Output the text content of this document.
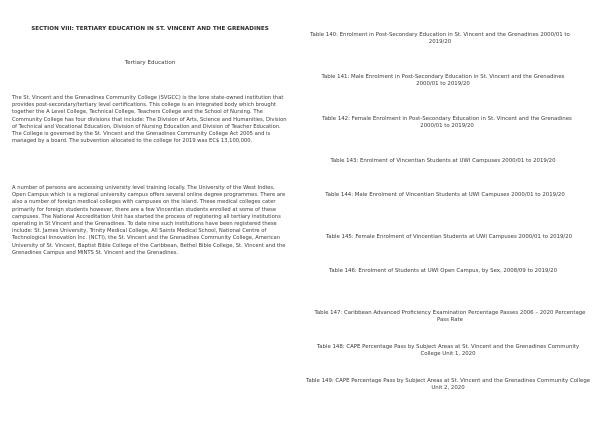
SECTION VIII: TERTIARY EDUCATION IN ST. VINCENT AND THE GRENADINES
Tertiary Education

The St. Vincent and the Grenadines Community College (SVGCC) is the lone state-owned institution that provides post-secondary/tertiary level certifications. This college is an integrated body which brought together the A Level College, Technical College, Teachers College and the School of Nursing. The Community College has four divisions that include: The Division of Arts, Science and Humanities, Division of Technical and Vocational Education, Division of Nursing Education and Division of Teacher Education. The College is governed by the St. Vincent and the Grenadines Community College Act 2005 and is managed by a board. The subvention allocated to the college for 2019 was EC$ 13,100,000.

A number of persons are accessing university level training locally. The University of the West Indies, Open Campus which is a regional university campus offers several online degree programmes. There are also a number of foreign medical colleges with campuses on the island. These medical colleges cater primarily for foreign students however, there are a few Vincentian students enrolled at some of these campuses. The National Accreditation Unit has started the process of registering all tertiary institutions operating in St Vincent and the Grenadines. To date nine such institutions have been registered these include: St. James University, Trinity Medical College, All Saints Medical School, National Centre of Technological Innovation Inc. (NCTI), the St. Vincent and the Grenadines Community College, American University of St. Vincent, Baptist Bible College of the Caribbean, Bethel Bible College, St. Vincent and the Grenadines Campus and MINTS St. Vincent and the Grenadines.

Table 140: Enrolment in Post-Secondary Education in St. Vincent and the Grenadines 2000/01 to 2019/20
Table 141: Male Enrolment in Post-Secondary Education in St. Vincent and the Grenadines 2000/01 to 2019/20
Table 142: Female Enrolment in Post-Secondary Education in St. Vincent and the Grenadines 2000/01 to 2019/20
Table 143: Enrolment of Vincentian Students at UWI Campuses 2000/01 to 2019/20
Table 144: Male Enrolment of Vincentian Students at UWI Campuses 2000/01 to 2019/20
Table 145: Female Enrolment of Vincentian Students at UWI Campuses 2000/01 to 2019/20
Table 146: Enrolment of Students at UWI Open Campus, by Sex, 2008/09 to 2019/20
Table 147: Caribbean Advanced Proficiency Examination Percentage Passes 2006 – 2020 Percentage Pass Rate
Table 148: CAPE Percentage Pass by Subject Areas at St. Vincent and the Grenadines Community College Unit 1, 2020
Table 149: CAPE Percentage Pass by Subject Areas at St. Vincent and the Grenadines Community College Unit 2, 2020
